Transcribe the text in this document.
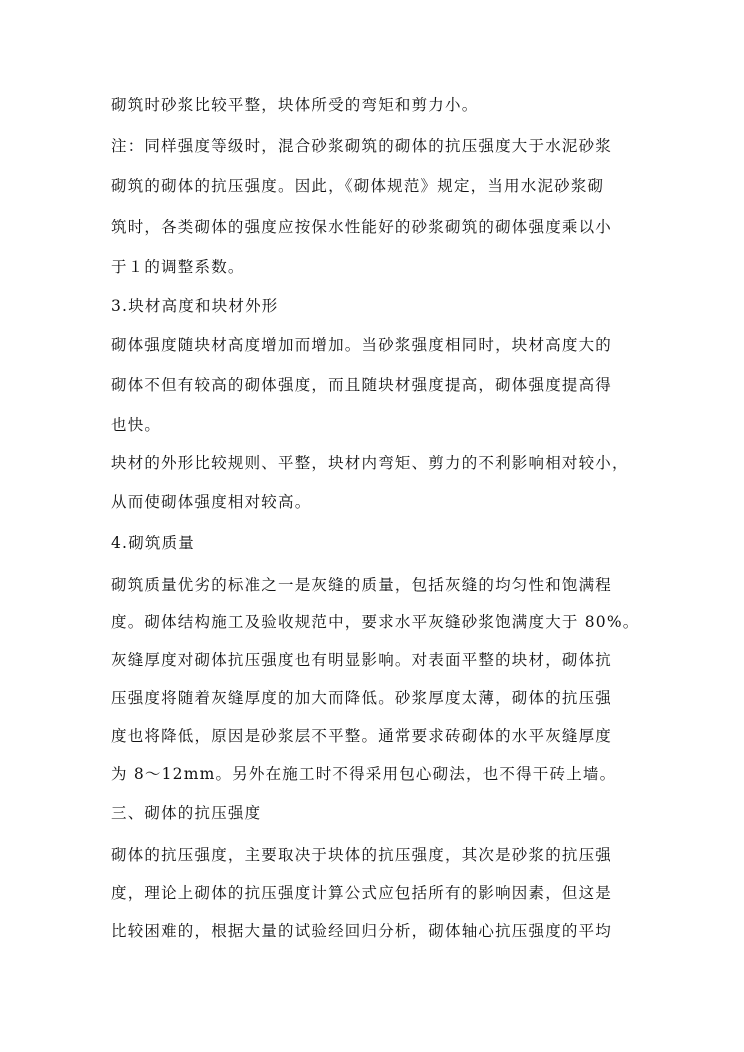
砌筑时砂浆比较平整，块体所受的弯矩和剪力小。
注：同样强度等级时，混合砂浆砌筑的砌体的抗压强度大于水泥砂浆
砌筑的砌体的抗压强度。因此，《砌体规范》规定，当用水泥砂浆砌
筑时，各类砌体的强度应按保水性能好的砂浆砌筑的砌体强度乘以小
于１的调整系数。
3.块材高度和块材外形
砌体强度随块材高度增加而增加。当砂浆强度相同时，块材高度大的
砌体不但有较高的砌体强度，而且随块材强度提高，砌体强度提高得
也快。
块材的外形比较规则、平整，块材内弯矩、剪力的不利影响相对较小，
从而使砌体强度相对较高。
4.砌筑质量
砌筑质量优劣的标准之一是灰缝的质量，包括灰缝的均匀性和饱满程
度。砌体结构施工及验收规范中，要求水平灰缝砂浆饱满度大于 80%。
灰缝厚度对砌体抗压强度也有明显影响。对表面平整的块材，砌体抗
压强度将随着灰缝厚度的加大而降低。砂浆厚度太薄，砌体的抗压强
度也将降低，原因是砂浆层不平整。通常要求砖砌体的水平灰缝厚度
为 8～12mm。另外在施工时不得采用包心砌法，也不得干砖上墙。
三、砌体的抗压强度
砌体的抗压强度，主要取决于块体的抗压强度，其次是砂浆的抗压强
度，理论上砌体的抗压强度计算公式应包括所有的影响因素，但这是
比较困难的，根据大量的试验经回归分析，砌体轴心抗压强度的平均
